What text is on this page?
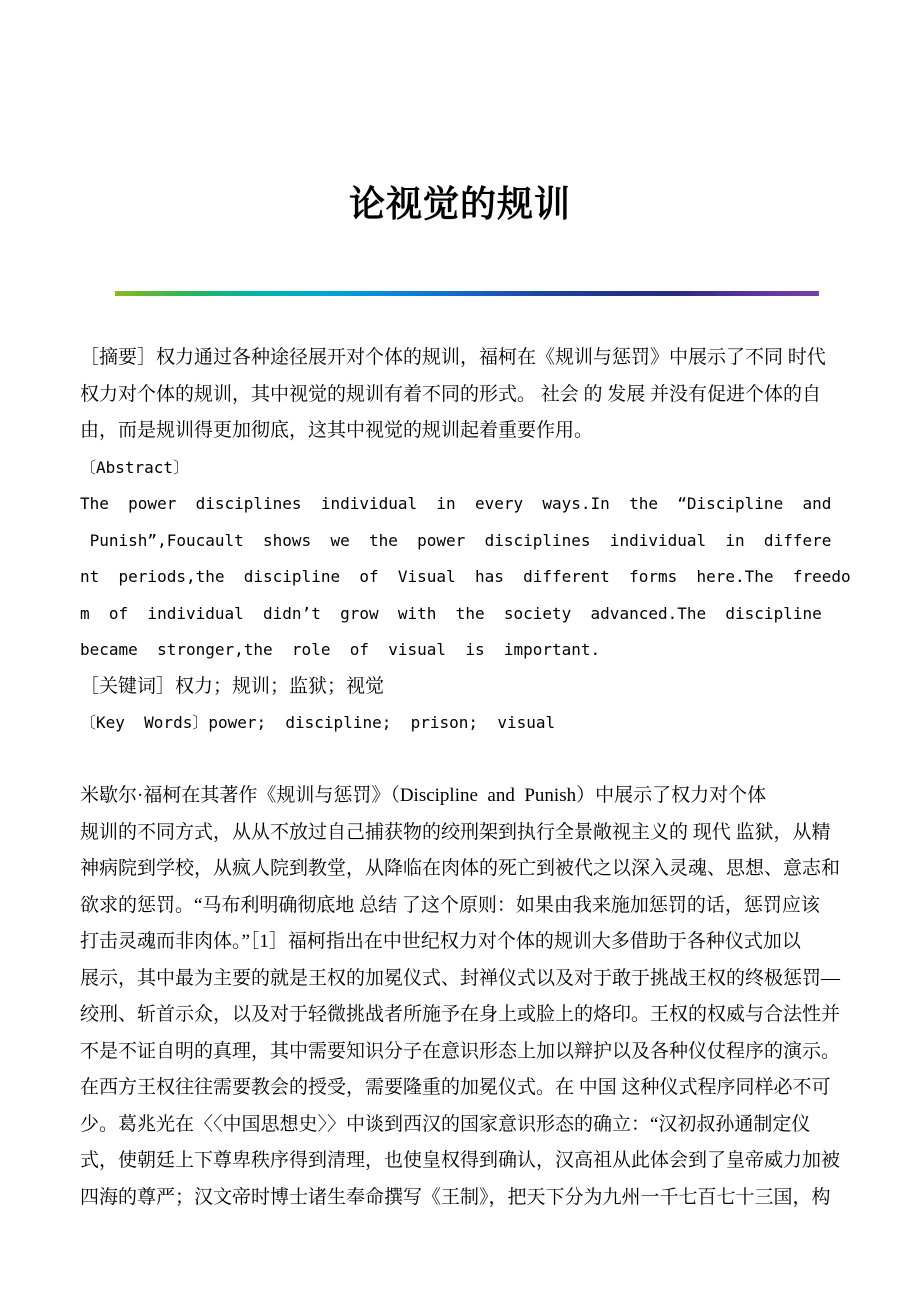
论视觉的规训
［摘要］权力通过各种途径展开对个体的规训，福柯在《规训与惩罚》中展示了不同 时代
权力对个体的规训，其中视觉的规训有着不同的形式。 社会 的 发展 并没有促进个体的自
由，而是规训得更加彻底，这其中视觉的规训起着重要作用。
〔Abstract〕
The  power  disciplines  individual  in  every  ways.In  the  “Discipline  and
Punish”,Foucault  shows  we  the  power  disciplines  individual  in  differe
nt  periods,the  discipline  of  Visual  has  different  forms  here.The  freedo
m  of  individual  didn’t  grow  with  the  society  advanced.The  discipline
became  stronger,the  role  of  visual  is  important.
［关键词］权力；规训；监狱；视觉
〔Key  Words〕power;  discipline;  prison;  visual
米歇尔·福柯在其著作《规训与惩罚》（Discipline  and  Punish）中展示了权力对个体
规训的不同方式，从从不放过自己捕获物的绞刑架到执行全景敞视主义的 现代 监狱，从精
神病院到学校，从疯人院到教堂，从降临在肉体的死亡到被代之以深入灵魂、思想、意志和
欲求的惩罚。“马布利明确彻底地 总结 了这个原则：如果由我来施加惩罚的话，惩罚应该
打击灵魂而非肉体。”［1］福柯指出在中世纪权力对个体的规训大多借助于各种仪式加以
展示，其中最为主要的就是王权的加冕仪式、封禅仪式以及对于敢于挑战王权的终极惩罚—
绞刑、斩首示众，以及对于轻微挑战者所施予在身上或脸上的烙印。王权的权威与合法性并
不是不证自明的真理，其中需要知识分子在意识形态上加以辩护以及各种仪仗程序的演示。
在西方王权往往需要教会的授受，需要隆重的加冕仪式。在 中国 这种仪式程序同样必不可
少。葛兆光在〈〈中国思想史〉〉中谈到西汉的国家意识形态的确立：“汉初叔孙通制定仪
式，使朝廷上下尊卑秩序得到清理，也使皇权得到确认，汉高祖从此体会到了皇帝威力加被
四海的尊严；汉文帝时博士诸生奉命撰写《王制》，把天下分为九州一千七百七十三国，构
